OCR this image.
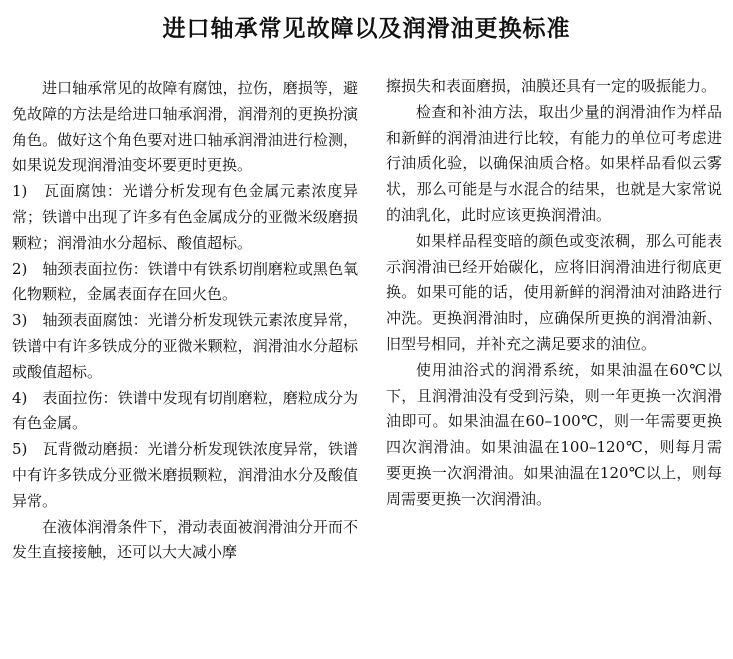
进口轴承常见故障以及润滑油更换标准

进口轴承常见的故障有腐蚀，拉伤，磨损等，避免故障的方法是给进口轴承润滑，润滑剂的更换扮演角色。做好这个角色要对进口轴承润滑油进行检测，如果说发现润滑油变坏要更时更换。

1)　瓦面腐蚀：光谱分析发现有色金属元素浓度异常；铁谱中出现了许多有色金属成分的亚微米级磨损颗粒；润滑油水分超标、酸值超标。

2)　轴颈表面拉伤：铁谱中有铁系切削磨粒或黑色氧化物颗粒，金属表面存在回火色。

3)　轴颈表面腐蚀：光谱分析发现铁元素浓度异常，铁谱中有许多铁成分的亚微米颗粒，润滑油水分超标或酸值超标。

4)　表面拉伤：铁谱中发现有切削磨粒，磨粒成分为有色金属。

5)　瓦背微动磨损：光谱分析发现铁浓度异常，铁谱中有许多铁成分亚微米磨损颗粒，润滑油水分及酸值异常。

在液体润滑条件下，滑动表面被润滑油分开而不发生直接接触，还可以大大减小摩

擦损失和表面磨损，油膜还具有一定的吸振能力。

检查和补油方法，取出少量的润滑油作为样品和新鲜的润滑油进行比较，有能力的单位可考虑进行油质化验，以确保油质合格。如果样品看似云雾状，那么可能是与水混合的结果，也就是大家常说的油乳化，此时应该更换润滑油。

如果样品程变暗的颜色或变浓稠，那么可能表示润滑油已经开始碳化，应将旧润滑油进行彻底更换。如果可能的话，使用新鲜的润滑油对油路进行冲洗。更换润滑油时，应确保所更换的润滑油新、旧型号相同，并补充之满足要求的油位。

使用油浴式的润滑系统，如果油温在60℃以下，且润滑油没有受到污染，则一年更换一次润滑油即可。如果油温在60–100℃，则一年需要更换四次润滑油。如果油温在100–120℃，则每月需要更换一次润滑油。如果油温在120℃以上，则每周需要更换一次润滑油。
